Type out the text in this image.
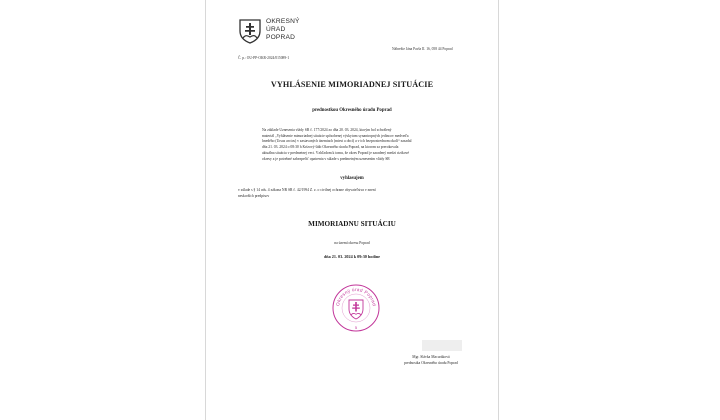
OKRESNÝ
ÚRAD
POPRAD
Nábrežie Jána Pavla II. 16, 058 44 Poprad
Č. p.: OU-PP-OKR-2024/015089-1
VYHLÁSENIE MIMORIADNEJ SITUÁCIE
prednostkou Okresného úradu Poprad
Na základe Uznesenia vlády SR č. 177/2024 zo dňa 20. 03. 2024, ktorým bol schválený
materiál „Vyhlásenie mimoriadnej situácie spôsobenej výskytom synantropných jedincov medveďa
hnedého (Ursus arctos) v zastavaných územiach (miest a obcí) a v ich bezprostrednom okolí“ zasadal
dňa 21. 03. 2024 o 08:30 h Krízový štáb Okresného úradu Poprad, na ktorom sa prerokovala
aktuálna situácia v predmetnej veci. Vzhľadom k tomu, že okres Poprad je zaradený medzi rizikové
okresy a je potrebné zabezpečiť opatrenia v súlade s predmetným uznesením vlády SR
vyhlasujem
v súlade s § 14 ods. 4 zákona NR SR č. 42/1994 Z. z. o civilnej ochrane obyvateľstva v znení
neskorších predpisov
MIMORIADNU SITUÁCIU
na území okresu Poprad
dňa 21. 03. 2024 k 09:30 hodine
Okresný úrad Poprad
5
Mgr. Slávka Macuráková
prednostka Okresného úradu Poprad
